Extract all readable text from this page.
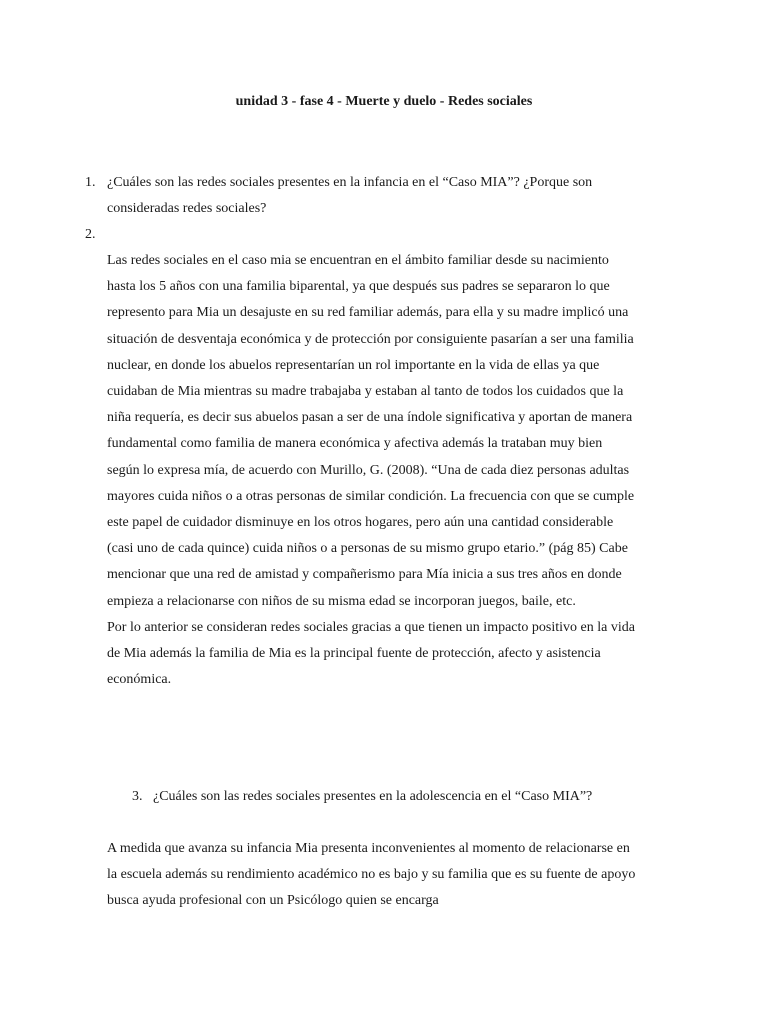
unidad 3 - fase 4 - Muerte y duelo - Redes sociales
1. ¿Cuáles son las redes sociales presentes en la infancia en el “Caso MIA”? ¿Porque son consideradas redes sociales?

2.

Las redes sociales en el caso mia se encuentran en el ámbito familiar desde su nacimiento hasta los 5 años con una familia biparental, ya que después sus padres se separaron lo que represento para Mia un desajuste en su red familiar además, para ella y su madre implicó una situación de desventaja económica y de protección por consiguiente pasarían a ser una familia nuclear, en donde los abuelos representarían un rol importante en la vida de ellas ya que cuidaban de Mia mientras su madre trabajaba y estaban al tanto de todos los cuidados que la niña requería, es decir sus abuelos pasan a ser de una índole significativa y aportan de manera fundamental como familia de manera económica y afectiva además la trataban muy bien según lo expresa mía, de acuerdo con Murillo, G. (2008). “Una de cada diez personas adultas mayores cuida niños o a otras personas de similar condición. La frecuencia con que se cumple este papel de cuidador disminuye en los otros hogares, pero aún una cantidad considerable (casi uno de cada quince) cuida niños o a personas de su mismo grupo etario.” (pág 85) Cabe mencionar que una red de amistad y compañerismo para Mía inicia a sus tres años en donde empieza a relacionarse con niños de su misma edad se incorporan juegos, baile, etc.

Por lo anterior se consideran redes sociales gracias a que tienen un impacto positivo en la vida de Mia además la familia de Mia es la principal fuente de protección, afecto y asistencia económica.

3. ¿Cuáles son las redes sociales presentes en la adolescencia en el “Caso MIA”?

A medida que avanza su infancia Mia presenta inconvenientes al momento de relacionarse en la escuela además su rendimiento académico no es bajo y su familia que es su fuente de apoyo busca ayuda profesional con un Psicólogo quien se encarga
